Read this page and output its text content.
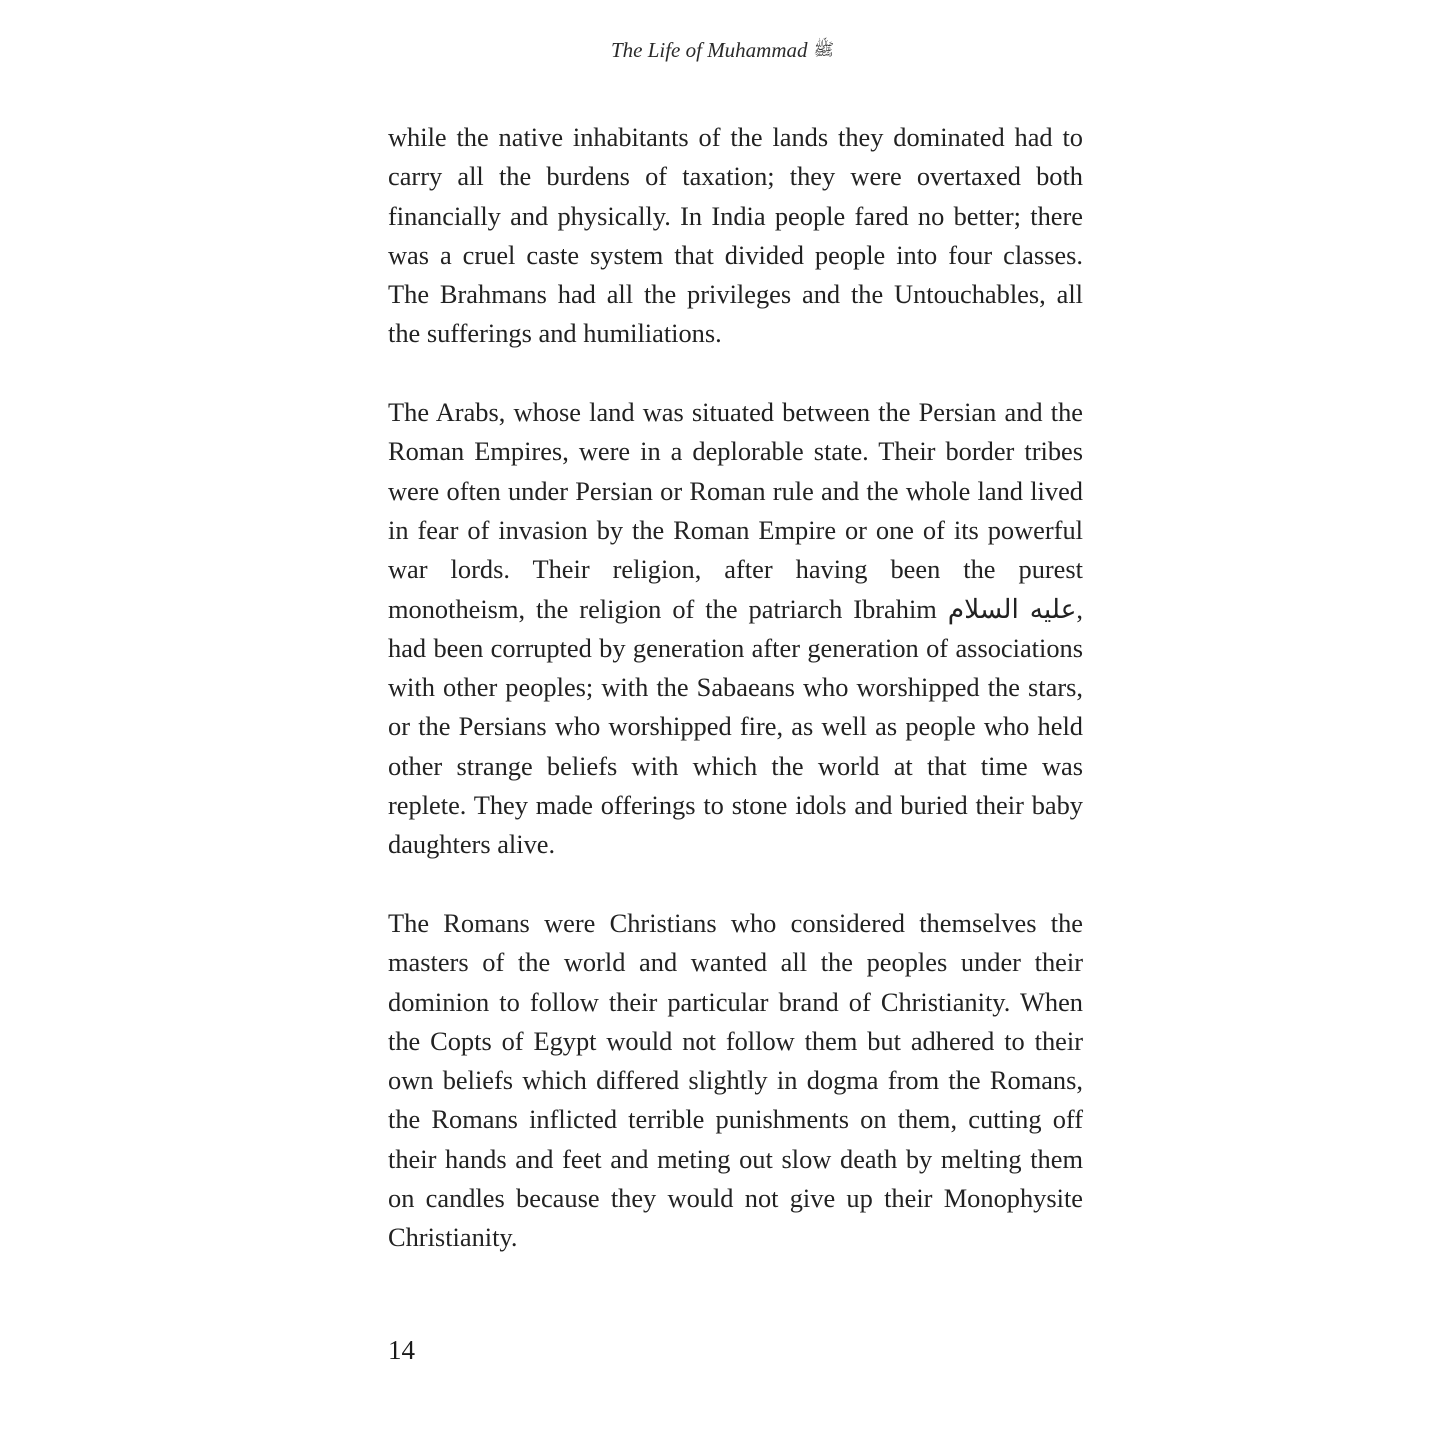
The Life of Muhammad ﷺ

while the native inhabitants of the lands they dominated had to carry all the burdens of taxation; they were overtaxed both financially and physically. In India people fared no better; there was a cruel caste system that divided people into four classes. The Brahmans had all the privileges and the Untouchables, all the sufferings and humiliations.

The Arabs, whose land was situated between the Persian and the Roman Empires, were in a deplorable state. Their border tribes were often under Persian or Roman rule and the whole land lived in fear of invasion by the Roman Empire or one of its powerful war lords. Their religion, after having been the purest monotheism, the religion of the patriarch Ibrahim عليه السلام, had been corrupted by generation after generation of associations with other peoples; with the Sabaeans who worshipped the stars, or the Persians who worshipped fire, as well as people who held other strange beliefs with which the world at that time was replete. They made offerings to stone idols and buried their baby daughters alive.

The Romans were Christians who considered themselves the masters of the world and wanted all the peoples under their dominion to follow their particular brand of Christianity. When the Copts of Egypt would not follow them but adhered to their own beliefs which differed slightly in dogma from the Romans, the Romans inflicted terrible punishments on them, cutting off their hands and feet and meting out slow death by melting them on candles because they would not give up their Monophysite Christianity.

14
